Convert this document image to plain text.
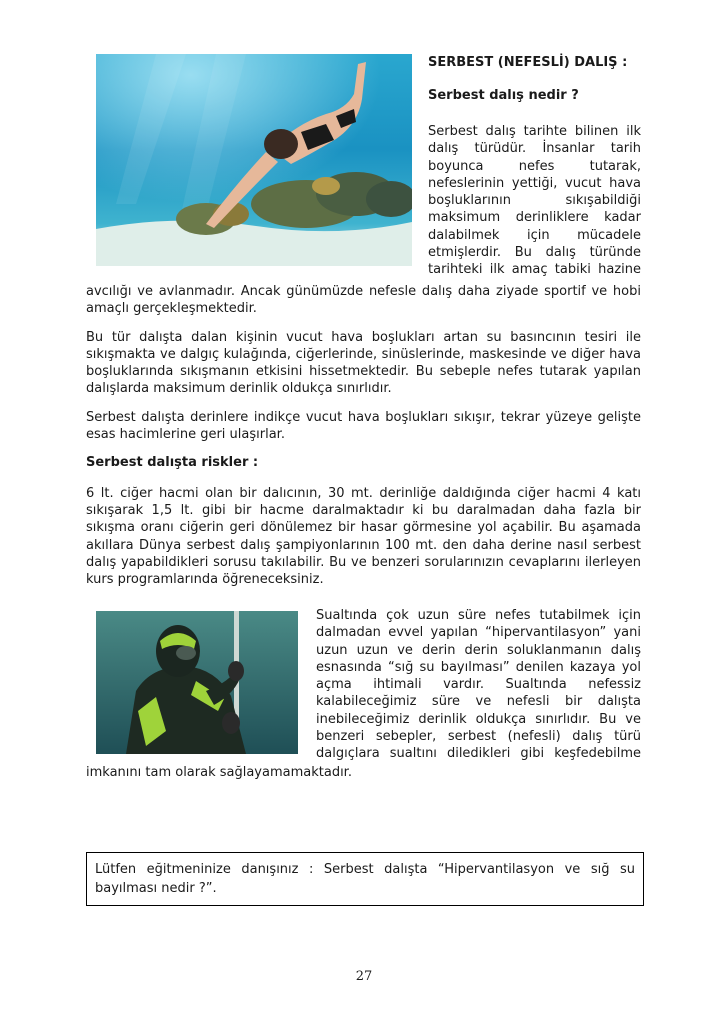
SERBEST (NEFESLİ) DALIŞ :

Serbest dalış nedir ?

Serbest dalış tarihte bilinen ilk
dalış türüdür. İnsanlar tarih
boyunca nefes tutarak,
nefeslerinin yettiği, vucut hava
boşluklarının sıkışabildiği
maksimum derinliklere kadar
dalabilmek için mücadele
etmişlerdir. Bu dalış türünde
tarihteki ilk amaç tabiki hazine

avcılığı ve avlanmadır. Ancak günümüzde nefesle dalış daha ziyade sportif ve hobi amaçlı gerçekleşmektedir.

Bu tür dalışta dalan kişinin vucut hava boşlukları artan su basıncının tesiri ile sıkışmakta ve dalgıç kulağında, ciğerlerinde, sinüslerinde, maskesinde ve diğer hava boşluklarında sıkışmanın etkisini hissetmektedir. Bu sebeple nefes tutarak yapılan dalışlarda maksimum derinlik oldukça sınırlıdır.

Serbest dalışta derinlere indikçe vucut hava boşlukları sıkışır, tekrar yüzeye gelişte esas hacimlerine geri ulaşırlar.

Serbest dalışta riskler :

6 lt. ciğer hacmi olan bir dalıcının, 30 mt. derinliğe daldığında ciğer hacmi 4 katı sıkışarak 1,5 lt. gibi bir hacme daralmaktadır ki bu daralmadan daha fazla bir sıkışma oranı ciğerin geri dönülemez bir hasar görmesine yol açabilir. Bu aşamada akıllara Dünya serbest dalış şampiyonlarının 100 mt. den daha derine nasıl serbest dalış yapabildikleri sorusu takılabilir. Bu ve benzeri sorularınızın cevaplarını ilerleyen kurs programlarında öğreneceksiniz.

Sualtında çok uzun süre nefes tutabilmek için
dalmadan evvel yapılan “hipervantilasyon” yani
uzun uzun ve derin derin soluklanmanın dalış
esnasında “sığ su bayılması” denilen kazaya yol
açma ihtimali vardır. Sualtında nefessiz
kalabileceğimiz süre ve nefesli bir dalışta
inebileceğimiz derinlik oldukça sınırlıdır. Bu ve
benzeri sebepler, serbest (nefesli) dalış türü
dalgıçlara sualtını diledikleri gibi keşfedebilme

imkanını tam olarak sağlayamamaktadır.

Lütfen eğitmeninize danışınız : Serbest dalışta “Hipervantilasyon ve sığ su bayılması nedir ?”.
27
